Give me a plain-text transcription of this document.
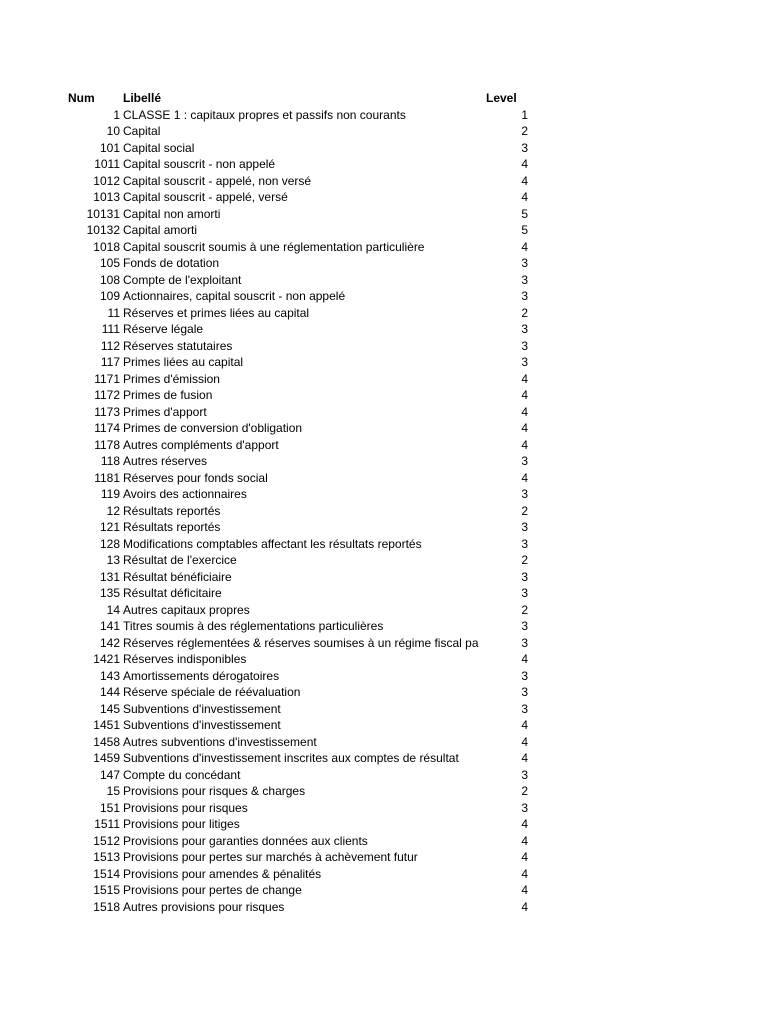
Num Libellé	Level
1 CLASSE 1 : capitaux propres et passifs non courants	1
10 Capital	2
101 Capital social	3
1011 Capital souscrit - non appelé	4
1012 Capital souscrit - appelé, non versé	4
1013 Capital souscrit - appelé, versé	4
10131 Capital non amorti	5
10132 Capital amorti	5
1018 Capital souscrit soumis à une réglementation particulière	4
105 Fonds de dotation	3
108 Compte de l'exploitant	3
109 Actionnaires, capital souscrit - non appelé	3
11 Réserves et primes liées au capital	2
111 Réserve légale	3
112 Réserves statutaires	3
117 Primes liées au capital	3
1171 Primes d'émission	4
1172 Primes de fusion	4
1173 Primes d'apport	4
1174 Primes de conversion d'obligation	4
1178 Autres compléments d'apport	4
118 Autres réserves	3
1181 Réserves pour fonds social	4
119 Avoirs des actionnaires	3
12 Résultats reportés	2
121 Résultats reportés	3
128 Modifications comptables affectant les résultats reportés	3
13 Résultat de l'exercice	2
131 Résultat bénéficiaire	3
135 Résultat déficitaire	3
14 Autres capitaux propres	2
141 Titres soumis à des réglementations particulières	3
142 Réserves réglementées & réserves soumises à un régime fiscal pa	3
1421 Réserves indisponibles	4
143 Amortissements dérogatoires	3
144 Réserve spéciale de réévaluation	3
145 Subventions d'investissement	3
1451 Subventions d'investissement	4
1458 Autres subventions d'investissement	4
1459 Subventions d'investissement inscrites aux comptes de résultat	4
147 Compte du concédant	3
15 Provisions pour risques & charges	2
151 Provisions pour risques	3
1511 Provisions pour litiges	4
1512 Provisions pour garanties données aux clients	4
1513 Provisions pour pertes sur marchés à achèvement futur	4
1514 Provisions pour amendes & pénalités	4
1515 Provisions pour pertes de change	4
1518 Autres provisions pour risques	4
